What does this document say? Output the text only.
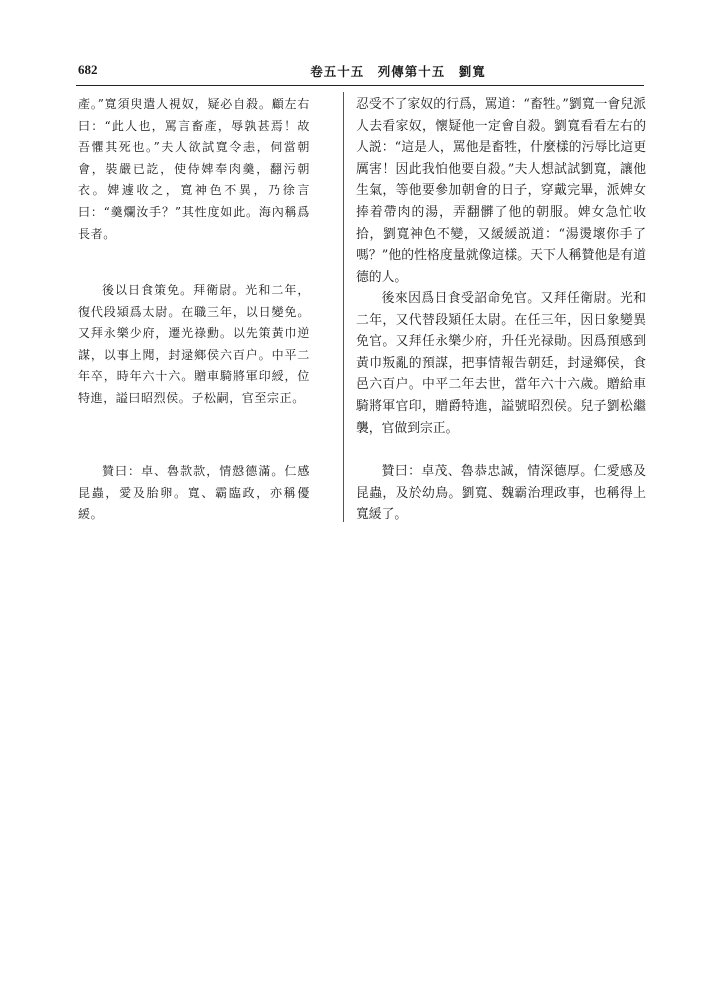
682	卷五十五　列傳第十五　劉寬
產。”寬須臾遣人視奴，疑必自殺。顧左右曰：“此人也，罵言畜產，辱孰甚焉！故吾懼其死也。”夫人欲試寬令恚，伺當朝會，裝嚴已訖，使侍婢奉肉羹，翻污朝衣。婢遽收之，寬神色不異，乃徐言曰：“羹爛汝手？”其性度如此。海內稱爲長者。
後以日食策免。拜衛尉。光和二年，復代段熲爲太尉。在職三年，以日變免。又拜永樂少府，遷光祿勳。以先策黃巾逆謀，以事上聞，封逯鄉侯六百户。中平二年卒，時年六十六。贈車騎將軍印綬，位特進，謚曰昭烈侯。子松嗣，官至宗正。
贊曰：卓、魯款款，情慤德滿。仁感昆蟲，愛及胎卵。寬、霸臨政，亦稱優緩。
忍受不了家奴的行爲，罵道：“畜牲。”劉寬一會兒派人去看家奴，懷疑他一定會自殺。劉寬看看左右的人説：“這是人，罵他是畜牲，什麼樣的污辱比這更厲害！因此我怕他要自殺。”夫人想試試劉寬，讓他生氣，等他要參加朝會的日子，穿戴完畢，派婢女捧着帶肉的湯，弄翻髒了他的朝服。婢女急忙收拾，劉寬神色不變，又緩緩説道：“湯燙壞你手了嗎？”他的性格度量就像這樣。天下人稱贊他是有道德的人。
後來因爲日食受詔命免官。又拜任衛尉。光和二年，又代替段熲任太尉。在任三年，因日象變異免官。又拜任永樂少府，升任光禄勛。因爲預感到黃巾叛亂的預謀，把事情報告朝廷，封逯鄉侯，食邑六百户。中平二年去世，當年六十六歲。贈給車騎將軍官印，贈爵特進，謚號昭烈侯。兒子劉松繼襲，官做到宗正。
贊曰：卓茂、魯恭忠誠，情深德厚。仁愛感及昆蟲，及於幼鳥。劉寬、魏霸治理政事，也稱得上寬緩了。
